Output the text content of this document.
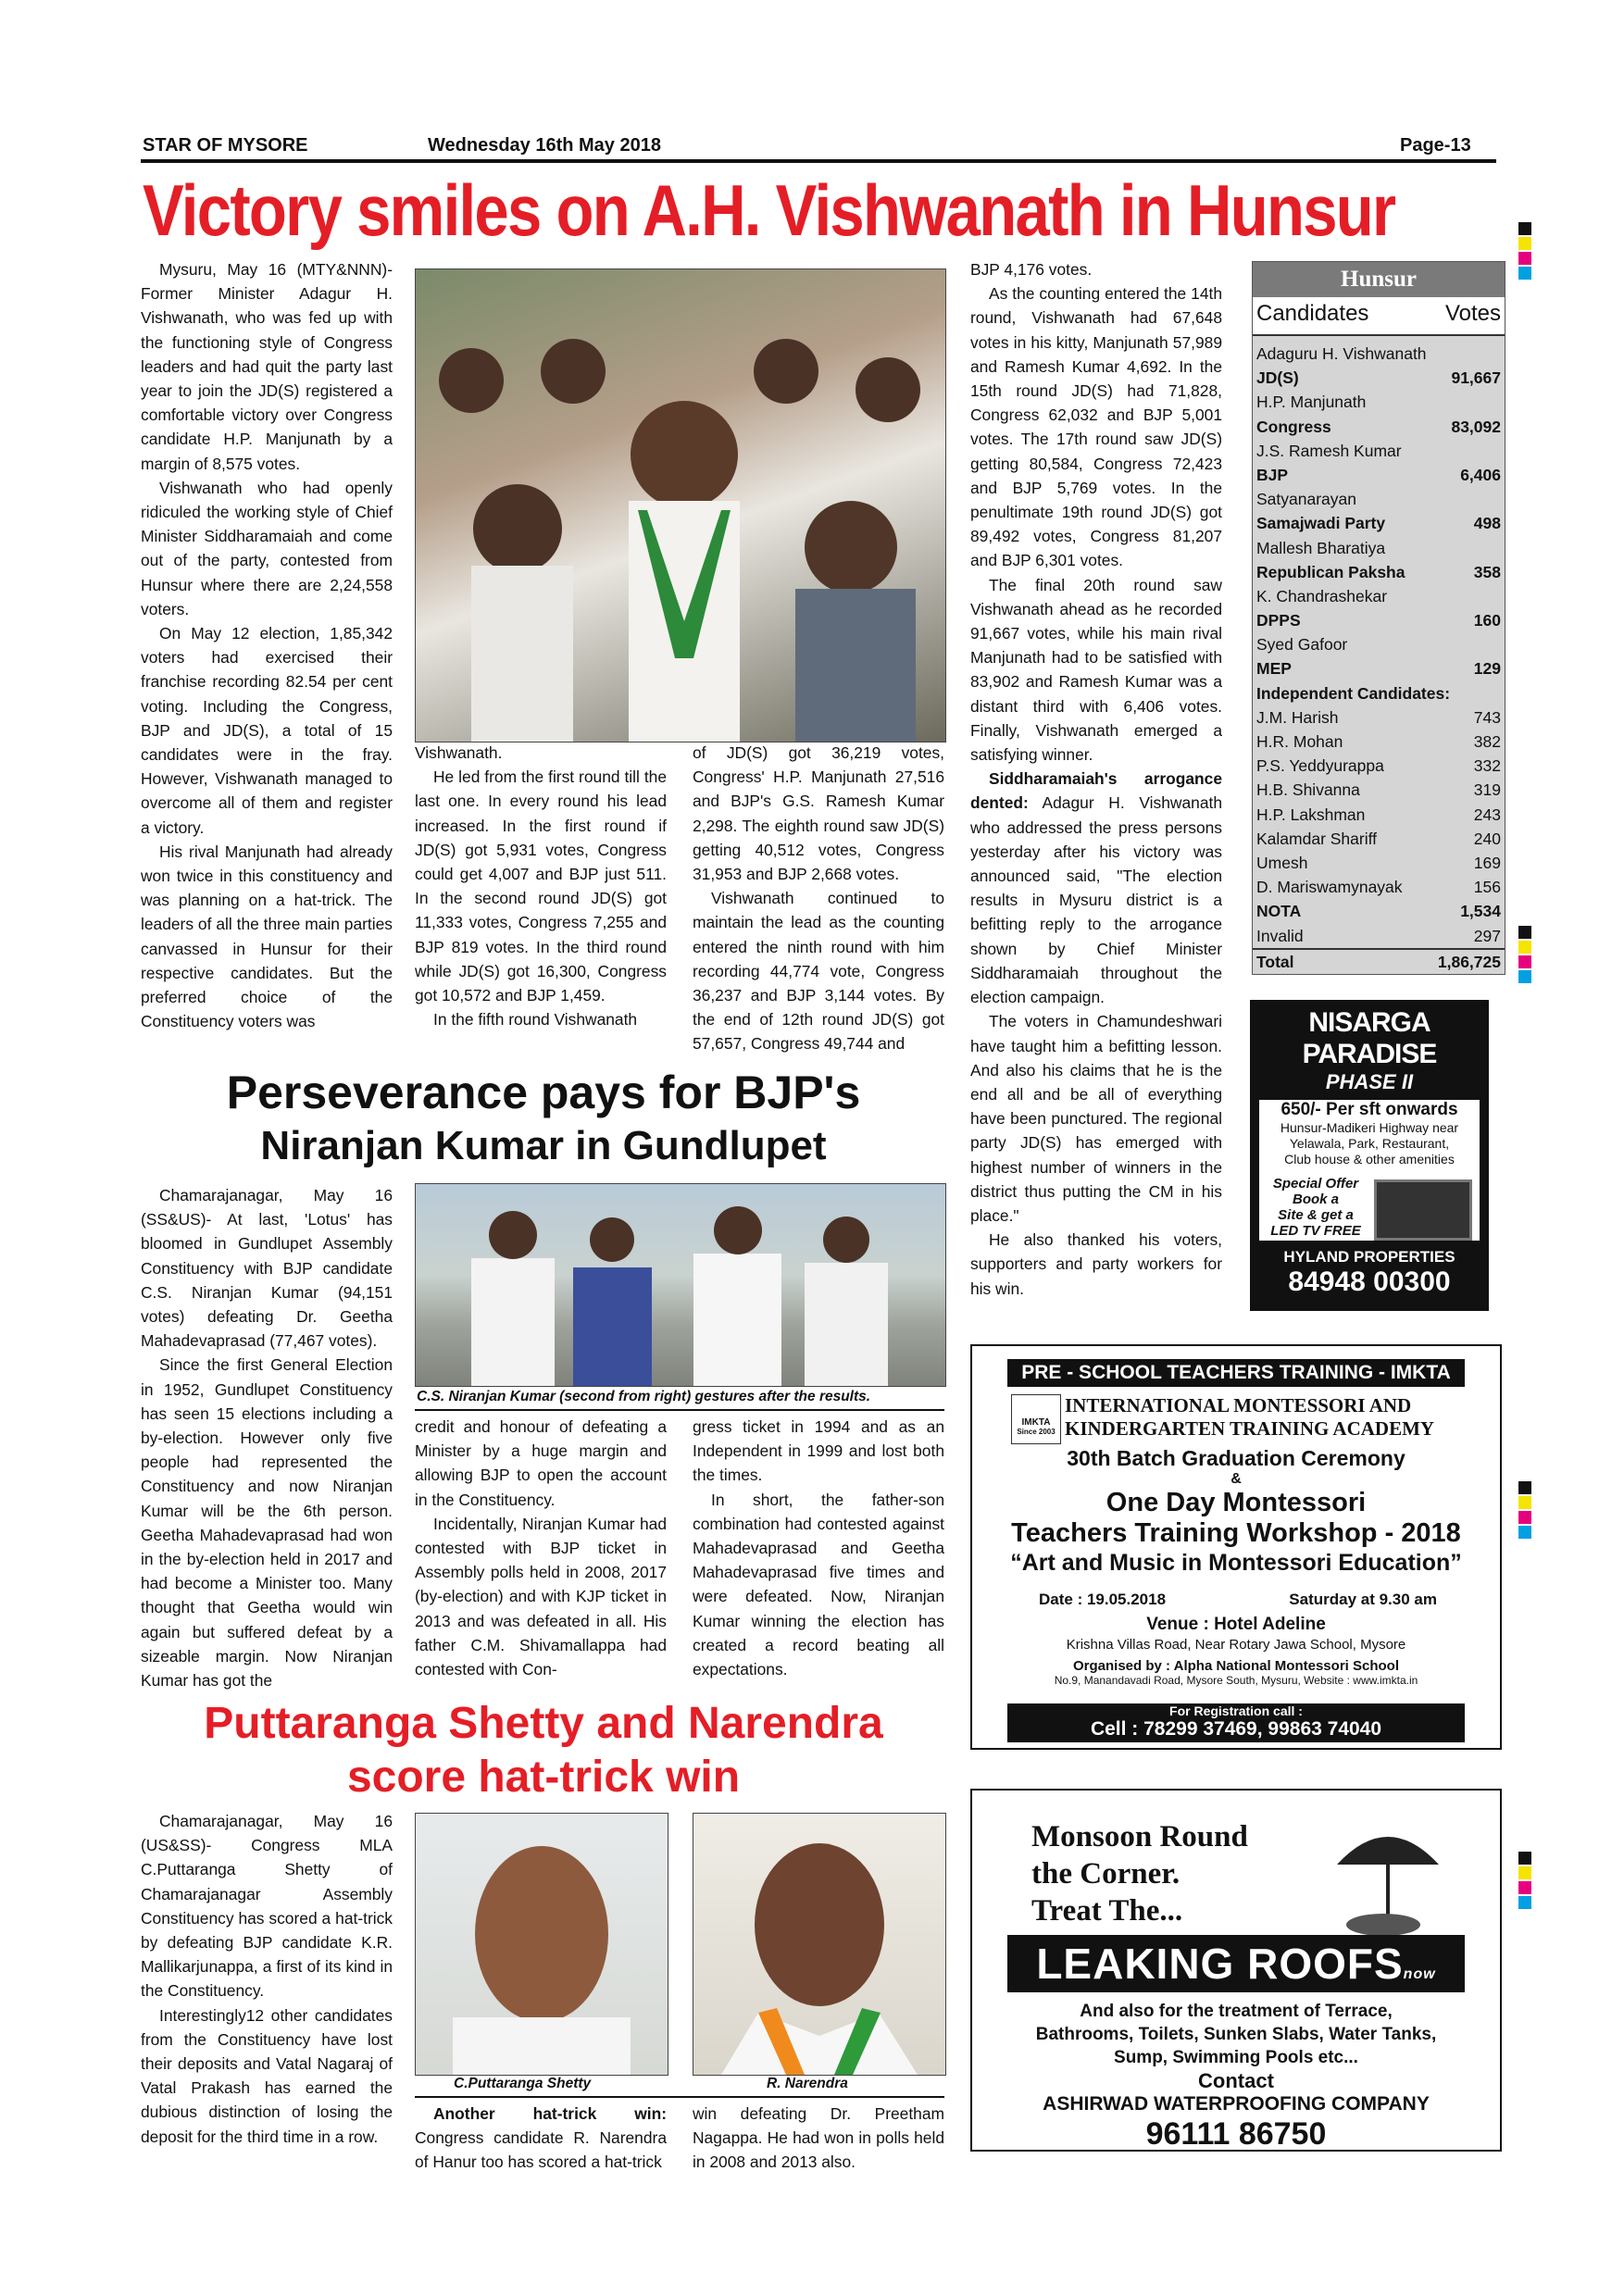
STAR OF MYSORE	Wednesday 16th May 2018	Page-13
Victory smiles on A.H. Vishwanath in Hunsur

Mysuru, May 16 (MTY&NNN)- Former Minister Adagur H. Vishwanath, who was fed up with the functioning style of Congress leaders and had quit the party last year to join the JD(S) registered a comfortable victory over Congress candidate H.P. Manjunath by a margin of 8,575 votes.

Vishwanath who had openly ridiculed the working style of Chief Minister Siddharamaiah and come out of the party, contested from Hunsur where there are 2,24,558 voters.

On May 12 election, 1,85,342 voters had exercised their franchise recording 82.54 per cent voting. Including the Congress, BJP and JD(S), a total of 15 candidates were in the fray. However, Vishwanath managed to overcome all of them and register a victory.

His rival Manjunath had already won twice in this constituency and was planning on a hat-trick. The leaders of all the three main parties canvassed in Hunsur for their respective candidates. But the preferred choice of the Constituency voters was

Vishwanath.

He led from the first round till the last one. In every round his lead increased. In the first round if JD(S) got 5,931 votes, Congress could get 4,007 and BJP just 511. In the second round JD(S) got 11,333 votes, Congress 7,255 and BJP 819 votes. In the third round while JD(S) got 16,300, Congress got 10,572 and BJP 1,459.

In the fifth round Vishwanath

of JD(S) got 36,219 votes, Congress' H.P. Manjunath 27,516 and BJP's G.S. Ramesh Kumar 2,298. The eighth round saw JD(S) getting 40,512 votes, Congress 31,953 and BJP 2,668 votes.

Vishwanath continued to maintain the lead as the counting entered the ninth round with him recording 44,774 vote, Congress 36,237 and BJP 3,144 votes. By the end of 12th round JD(S) got 57,657, Congress 49,744 and

BJP 4,176 votes.

As the counting entered the 14th round, Vishwanath had 67,648 votes in his kitty, Manjunath 57,989 and Ramesh Kumar 4,692. In the 15th round JD(S) had 71,828, Congress 62,032 and BJP 5,001 votes. The 17th round saw JD(S) getting 80,584, Congress 72,423 and BJP 5,769 votes. In the penultimate 19th round JD(S) got 89,492 votes, Congress 81,207 and BJP 6,301 votes.

The final 20th round saw Vishwanath ahead as he recorded 91,667 votes, while his main rival Manjunath had to be satisfied with 83,902 and Ramesh Kumar was a distant third with 6,406 votes. Finally, Vishwanath emerged a satisfying winner.

Siddharamaiah's arrogance dented: Adagur H. Vishwanath who addressed the press persons yesterday after his victory was announced said, "The election results in Mysuru district is a befitting reply to the arrogance shown by Chief Minister Siddharamaiah throughout the election campaign.

The voters in Chamundeshwari have taught him a befitting lesson. And also his claims that he is the end all and be all of everything have been punctured. The regional party JD(S) has emerged with highest number of winners in the district thus putting the CM in his place."

He also thanked his voters, supporters and party workers for his win.

Hunsur
Candidates	Votes
Adaguru H. Vishwanath
JD(S)	91,667
H.P. Manjunath
Congress	83,092
J.S. Ramesh Kumar
BJP	6,406
Satyanarayan
Samajwadi Party	498
Mallesh Bharatiya
Republican Paksha	358
K. Chandrashekar
DPPS	160
Syed Gafoor
MEP	129
Independent Candidates:
J.M. Harish	743
H.R. Mohan	382
P.S. Yeddyurappa	332
H.B. Shivanna	319
H.P. Lakshman	243
Kalamdar Shariff	240
Umesh	169
D. Mariswamynayak	156
NOTA	1,534
Invalid	297
Total	1,86,725
Perseverance pays for BJP's
Niranjan Kumar in Gundlupet

Chamarajanagar, May 16 (SS&US)- At last, 'Lotus' has bloomed in Gundlupet Assembly Constituency with BJP candidate C.S. Niranjan Kumar (94,151 votes) defeating Dr. Geetha Mahadevaprasad (77,467 votes).

Since the first General Election in 1952, Gundlupet Constituency has seen 15 elections including a by-election. However only five people had represented the Constituency and now Niranjan Kumar will be the 6th person. Geetha Mahadevaprasad had won in the by-election held in 2017 and had become a Minister too. Many thought that Geetha would win again but suffered defeat by a sizeable margin. Now Niranjan Kumar has got the

C.S. Niranjan Kumar (second from right) gestures after the results.

credit and honour of defeating a Minister by a huge margin and allowing BJP to open the account in the Constituency.

Incidentally, Niranjan Kumar had contested with BJP ticket in Assembly polls held in 2008, 2017 (by-election) and with KJP ticket in 2013 and was defeated in all. His father C.M. Shivamallappa had contested with Con-

gress ticket in 1994 and as an Independent in 1999 and lost both the times.

In short, the father-son combination had contested against Mahadevaprasad and Geetha Mahadevaprasad five times and were defeated. Now, Niranjan Kumar winning the election has created a record beating all expectations.

Puttaranga Shetty and Narendra
score hat-trick win

Chamarajanagar, May 16 (US&SS)- Congress MLA C.Puttaranga Shetty of Chamarajanagar Assembly Constituency has scored a hat-trick by defeating BJP candidate K.R. Mallikarjunappa, a first of its kind in the Constituency.

Interestingly12 other candidates from the Constituency have lost their deposits and Vatal Nagaraj of Vatal Prakash has earned the dubious distinction of losing the deposit for the third time in a row.

C.Puttaranga Shetty	R. Narendra

Another hat-trick win: Congress candidate R. Narendra of Hanur too has scored a hat-trick

win defeating Dr. Preetham Nagappa. He had won in polls held in 2008 and 2013 also.

NISARGA PARADISE
PHASE II
650/- Per sft onwards
Hunsur-Madikeri Highway near
Yelawala, Park, Restaurant,
Club house & other amenities
Special Offer
Book a
Site & get a
LED TV FREE
HYLAND PROPERTIES
84948 00300
PRE - SCHOOL TEACHERS TRAINING - IMKTA
IMKTA
Since 2003
INTERNATIONAL MONTESSORI AND
KINDERGARTEN TRAINING ACADEMY
30th Batch Graduation Ceremony
&
One Day Montessori
Teachers Training Workshop - 2018
“Art and Music in Montessori Education”
Date : 19.05.2018	Saturday at 9.30 am
Venue : Hotel Adeline
Krishna Villas Road, Near Rotary Jawa School, Mysore
Organised by : Alpha National Montessori School
No.9, Manandavadi Road, Mysore South, Mysuru, Website : www.imkta.in
For Registration call :
Cell : 78299 37469, 99863 74040
Monsoon Round
the Corner.
Treat The...
LEAKING ROOFSnow
And also for the treatment of Terrace,
Bathrooms, Toilets, Sunken Slabs, Water Tanks,
Sump, Swimming Pools etc...
Contact
ASHIRWAD WATERPROOFING COMPANY
96111 86750
